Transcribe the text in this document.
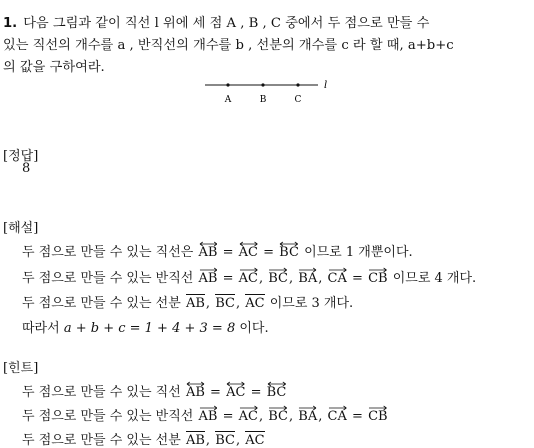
1. 다음 그림과 같이 직선 l 위에 세 점 A , B , C 중에서 두 점으로 만들 수
있는 직선의 개수를 a , 반직선의 개수를 b , 선분의 개수를 c 라 할 때, a+b+c
의 값을 구하여라.
A	B	C
l
[정답]
8
[해설]
두 점으로 만들 수 있는 직선은 AB = AC = BC 이므로 1 개뿐이다.
두 점으로 만들 수 있는 반직선 AB = AC, BC, BA, CA = CB 이므로 4 개다.
두 점으로 만들 수 있는 선분 AB, BC, AC 이므로 3 개다.
따라서 a + b + c = 1 + 4 + 3 = 8 이다.
[힌트]
두 점으로 만들 수 있는 직선 AB = AC = BC
두 점으로 만들 수 있는 반직선 AB = AC, BC, BA, CA = CB
두 점으로 만들 수 있는 선분 AB, BC, AC
